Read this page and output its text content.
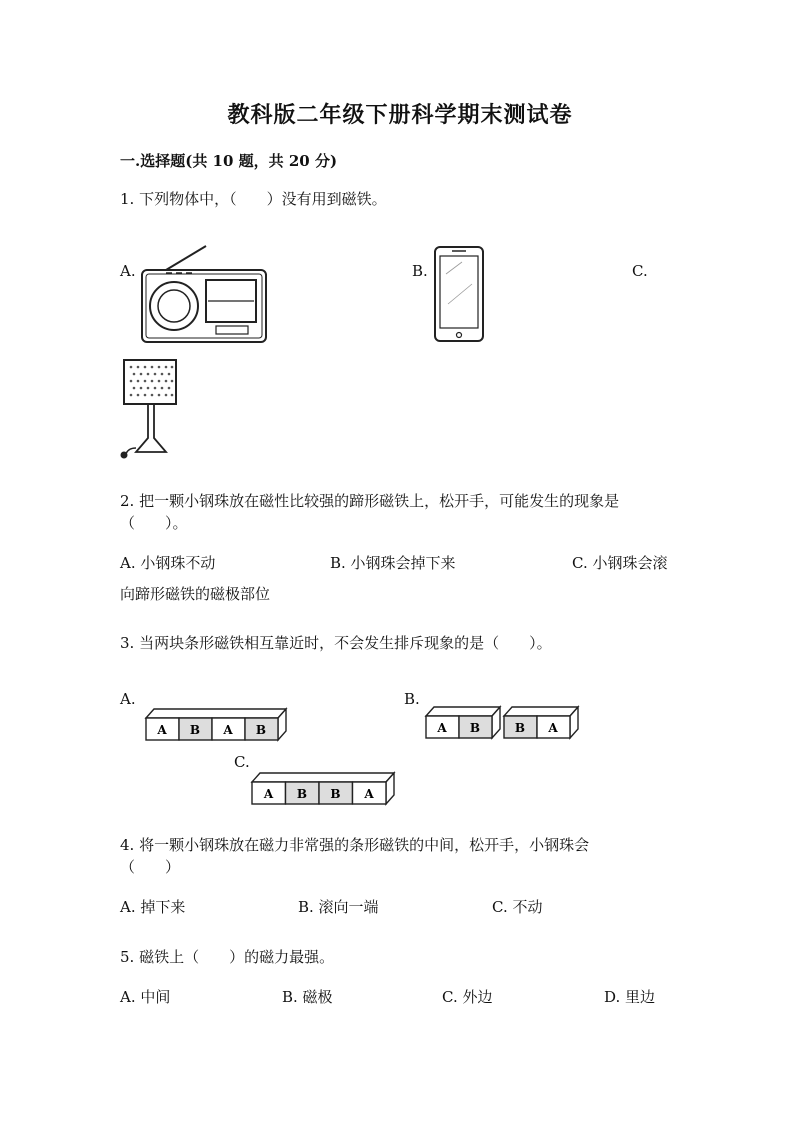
教科版二年级下册科学期末测试卷
一.选择题(共 10 题，共 20 分)
1. 下列物体中，（　　）没有用到磁铁。
A.	B.	C.
2. 把一颗小钢珠放在磁性比较强的蹄形磁铁上，松开手，可能发生的现象是
（　　）。
A. 小钢珠不动	B. 小钢珠会掉下来	C. 小钢珠会滚
向蹄形磁铁的磁极部位
3. 当两块条形磁铁相互靠近时，不会发生排斥现象的是（　　）。
A.	B.
C.
A B A B	A B	B A
A B B A
4. 将一颗小钢珠放在磁力非常强的条形磁铁的中间，松开手，小钢珠会
（　　）
A. 掉下来	B. 滚向一端	C. 不动
5. 磁铁上（　　）的磁力最强。
A. 中间	B. 磁极	C. 外边	D. 里边
